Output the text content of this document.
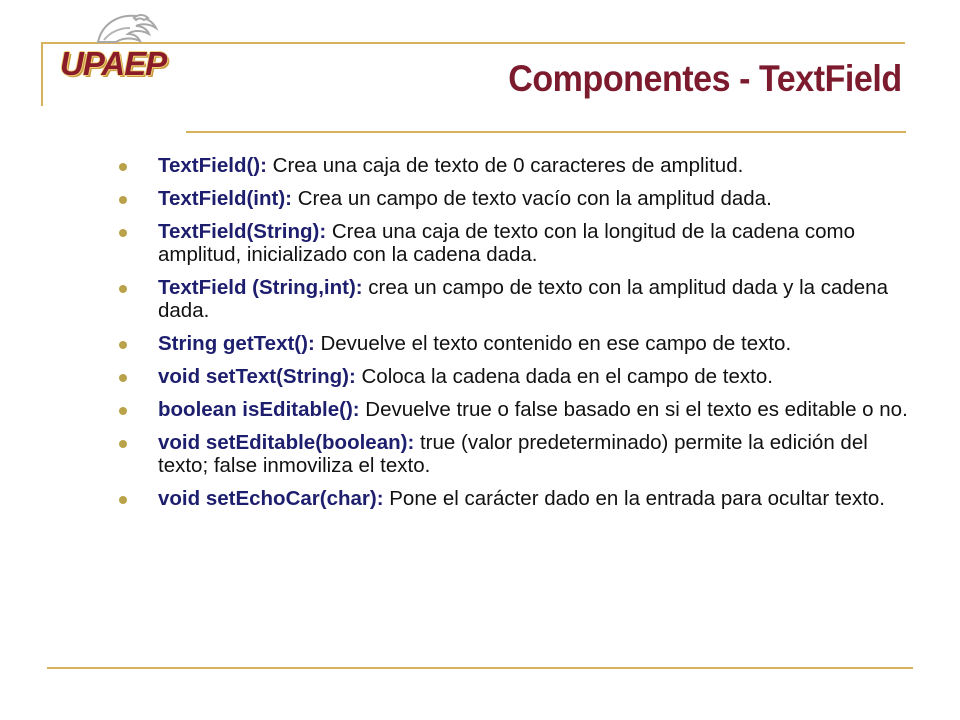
UPAEP	Componentes - TextField
TextField(): Crea una caja de texto de 0 caracteres de amplitud.
TextField(int): Crea un campo de texto vacío con la amplitud dada.
TextField(String): Crea una caja de texto con la longitud de la cadena como amplitud, inicializado con la cadena dada.
TextField (String,int): crea un campo de texto con la amplitud dada y la cadena dada.
String getText(): Devuelve el texto contenido en ese campo de texto.
void setText(String): Coloca la cadena dada en el campo de texto.
boolean isEditable(): Devuelve true o false basado en si el texto es editable o no.
void setEditable(boolean): true (valor predeterminado) permite la edición del texto; false inmoviliza el texto.
void setEchoCar(char): Pone el carácter dado en la entrada para ocultar texto.
